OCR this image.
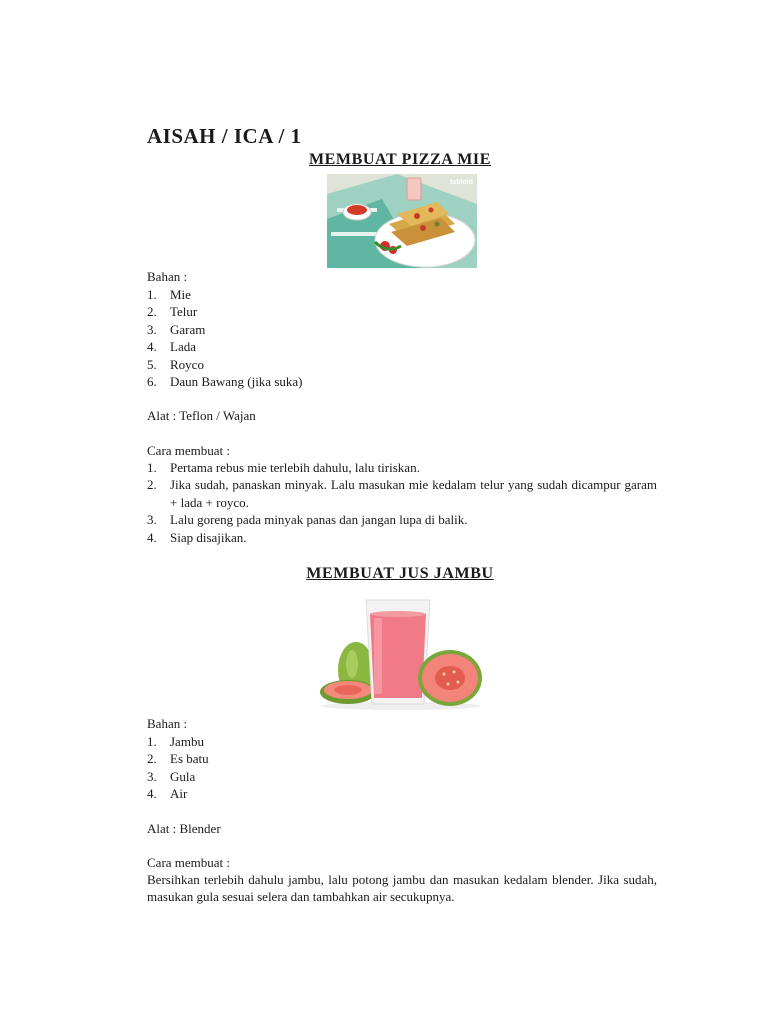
AISAH / ICA / 1
MEMBUAT PIZZA MIE
tabloid

Bahan :

1. Mie
2. Telur
3. Garam
4. Lada
5. Royco
6. Daun Bawang (jika suka)

Alat : Teflon / Wajan

Cara membuat :

1. Pertama rebus mie terlebih dahulu, lalu tiriskan.
2. Jika sudah, panaskan minyak. Lalu masukan mie kedalam telur yang sudah dicampur garam + lada + royco.
3. Lalu goreng pada minyak panas dan jangan lupa di balik.
4. Siap disajikan.
MEMBUAT JUS JAMBU

Bahan :

1. Jambu
2. Es batu
3. Gula
4. Air

Alat : Blender

Cara membuat :

Bersihkan terlebih dahulu jambu, lalu potong jambu dan masukan kedalam blender. Jika sudah, masukan gula sesuai selera dan tambahkan air secukupnya.
